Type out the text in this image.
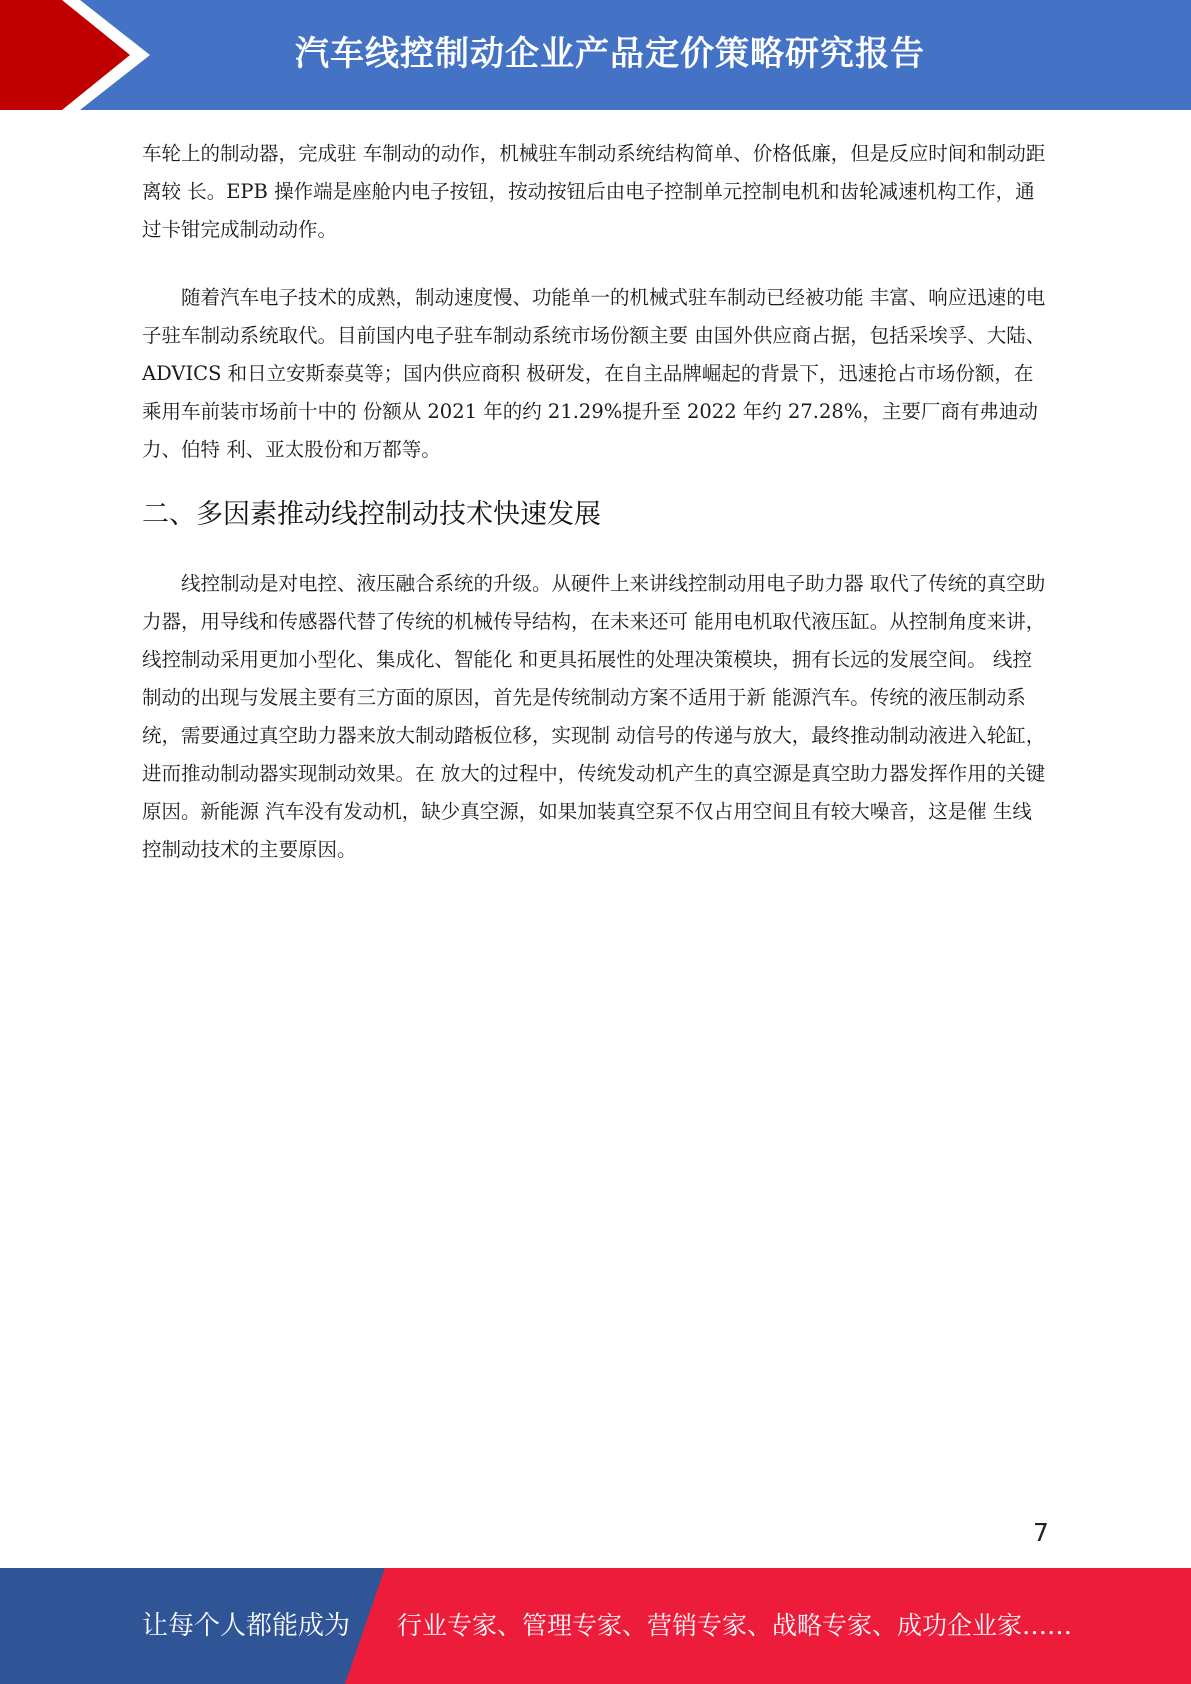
汽车线控制动企业产品定价策略研究报告

车轮上的制动器，完成驻 车制动的动作，机械驻车制动系统结构简单、价格低廉，但是反应时间和制动距离较 长。EPB 操作端是座舱内电子按钮，按动按钮后由电子控制单元控制电机和齿轮减速机构工作，通过卡钳完成制动动作。

随着汽车电子技术的成熟，制动速度慢、功能单一的机械式驻车制动已经被功能 丰富、响应迅速的电子驻车制动系统取代。目前国内电子驻车制动系统市场份额主要 由国外供应商占据，包括采埃孚、大陆、ADVICS 和日立安斯泰莫等；国内供应商积 极研发，在自主品牌崛起的背景下，迅速抢占市场份额，在乘用车前装市场前十中的 份额从 2021 年的约 21.29%提升至 2022 年约 27.28%，主要厂商有弗迪动力、伯特 利、亚太股份和万都等。

二、多因素推动线控制动技术快速发展

线控制动是对电控、液压融合系统的升级。从硬件上来讲线控制动用电子助力器 取代了传统的真空助力器，用导线和传感器代替了传统的机械传导结构，在未来还可 能用电机取代液压缸。从控制角度来讲，线控制动采用更加小型化、集成化、智能化 和更具拓展性的处理决策模块，拥有长远的发展空间。 线控制动的出现与发展主要有三方面的原因，首先是传统制动方案不适用于新 能源汽车。传统的液压制动系统，需要通过真空助力器来放大制动踏板位移，实现制 动信号的传递与放大，最终推动制动液进入轮缸，进而推动制动器实现制动效果。在 放大的过程中，传统发动机产生的真空源是真空助力器发挥作用的关键原因。新能源 汽车没有发动机，缺少真空源，如果加装真空泵不仅占用空间且有较大噪音，这是催 生线控制动技术的主要原因。

7
让每个人都能成为 行业专家、管理专家、营销专家、战略专家、成功企业家……
